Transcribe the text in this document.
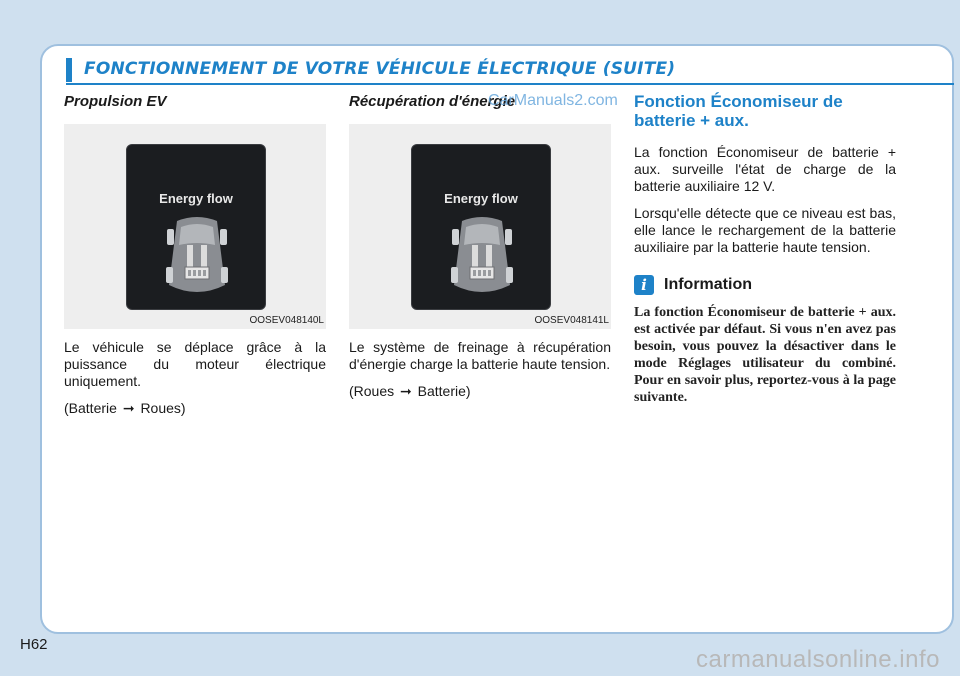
FONCTIONNEMENT DE VOTRE VÉHICULE ÉLECTRIQUE (SUITE)
Propulsion EV
Energy flow
OOSEV048140L

Le véhicule se déplace grâce à la puissance du moteur électrique uniquement.

(Batterie ➞ Roues)
Récupération d'énergie
Energy flow
OOSEV048141L

Le système de freinage à récupération d'énergie charge la batterie haute tension.

(Roues ➞ Batterie)
Fonction Économiseur de batterie + aux.

La fonction Économiseur de batterie + aux. surveille l'état de charge de la batterie auxiliaire 12 V.

Lorsqu'elle détecte que ce niveau est bas, elle lance le rechargement de la batterie auxiliaire par la batterie haute tension.

i	Information
La fonction Économiseur de batterie + aux. est activée par défaut. Si vous n'en avez pas besoin, vous pouvez la désactiver dans le mode Réglages utilisateur du combiné. Pour en savoir plus, reportez-vous à la page suivante.
CarManuals2.com
H62
carmanualsonline.info
